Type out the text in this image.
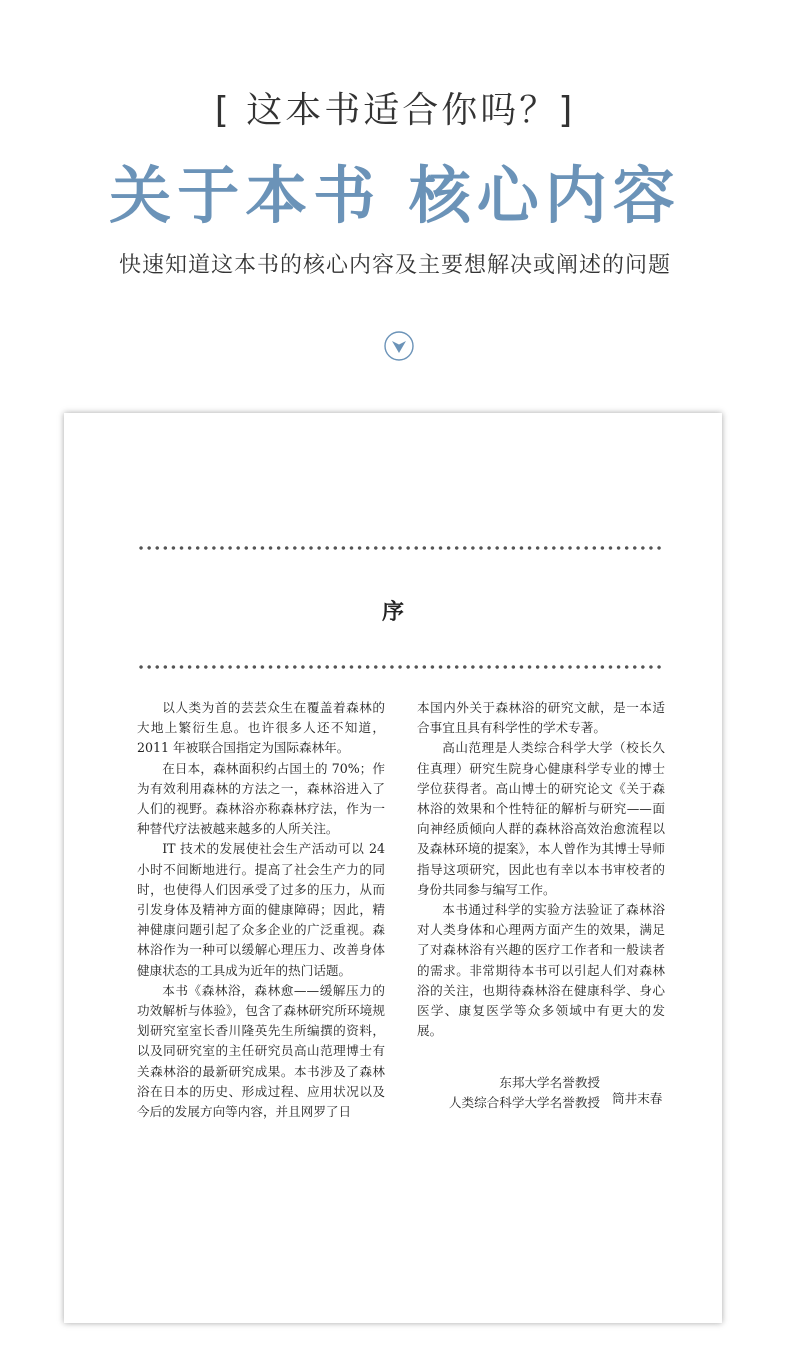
[ 这本书适合你吗？]
关于本书 核心内容
快速知道这本书的核心内容及主要想解决或阐述的问题
序

以人类为首的芸芸众生在覆盖着森林的大地上繁衍生息。也许很多人还不知道，2011 年被联合国指定为国际森林年。

在日本，森林面积约占国土的 70%；作为有效利用森林的方法之一，森林浴进入了人们的视野。森林浴亦称森林疗法，作为一种替代疗法被越来越多的人所关注。

IT 技术的发展使社会生产活动可以 24 小时不间断地进行。提高了社会生产力的同时，也使得人们因承受了过多的压力，从而引发身体及精神方面的健康障碍；因此，精神健康问题引起了众多企业的广泛重视。森林浴作为一种可以缓解心理压力、改善身体健康状态的工具成为近年的热门话题。

本书《森林浴，森林愈——缓解压力的功效解析与体验》，包含了森林研究所环境规划研究室室长香川隆英先生所编撰的资料，以及同研究室的主任研究员高山范理博士有关森林浴的最新研究成果。本书涉及了森林浴在日本的历史、形成过程、应用状况以及今后的发展方向等内容，并且网罗了日

本国内外关于森林浴的研究文献，是一本适合事宜且具有科学性的学术专著。

高山范理是人类综合科学大学（校长久住真理）研究生院身心健康科学专业的博士学位获得者。高山博士的研究论文《关于森林浴的效果和个性特征的解析与研究——面向神经质倾向人群的森林浴高效治愈流程以及森林环境的提案》，本人曾作为其博士导师指导这项研究，因此也有幸以本书审校者的身份共同参与编写工作。

本书通过科学的实验方法验证了森林浴对人类身体和心理两方面产生的效果，满足了对森林浴有兴趣的医疗工作者和一般读者的需求。非常期待本书可以引起人们对森林浴的关注，也期待森林浴在健康科学、身心医学、康复医学等众多领域中有更大的发展。

东邦大学名誉教授
人类综合科学大学名誉教授 筒井末春
